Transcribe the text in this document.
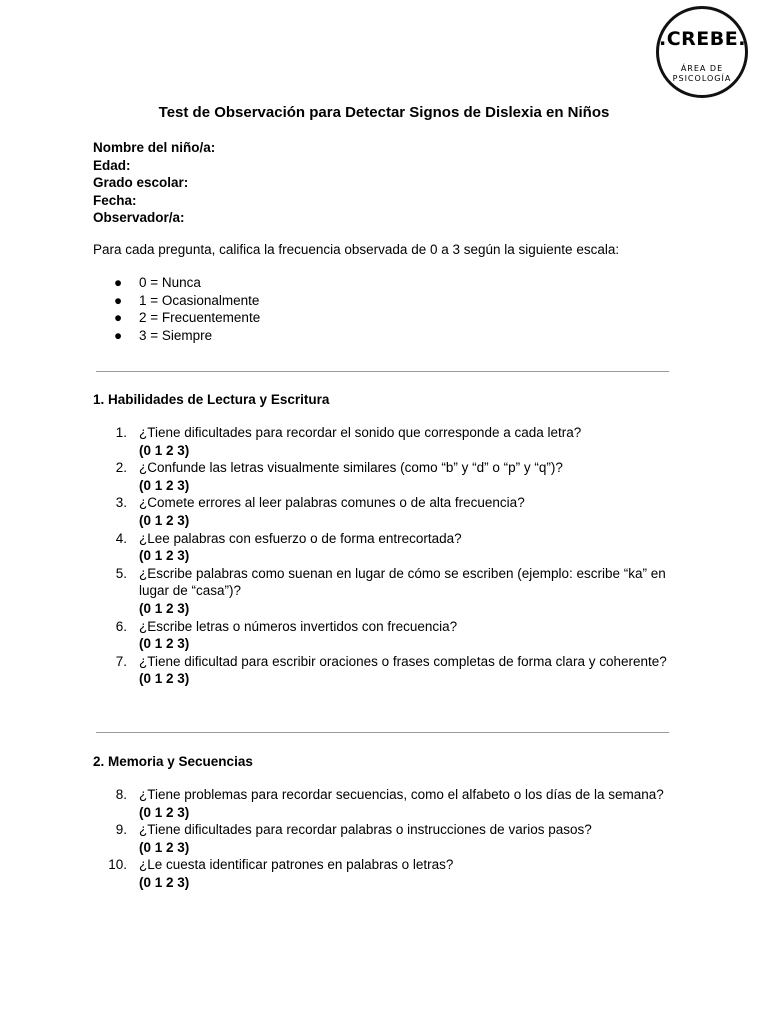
.CREBE.
ÁREA DE
PSICOLOGÍA
Test de Observación para Detectar Signos de Dislexia en Niños
Nombre del niño/a:
Edad:
Grado escolar:
Fecha:
Observador/a:
Para cada pregunta, califica la frecuencia observada de 0 a 3 según la siguiente escala:
● 0 = Nunca
● 1 = Ocasionalmente
● 2 = Frecuentemente
● 3 = Siempre
1. Habilidades de Lectura y Escritura
1. ¿Tiene dificultades para recordar el sonido que corresponde a cada letra?
(0 1 2 3)
2. ¿Confunde las letras visualmente similares (como “b” y “d” o “p” y “q”)?
(0 1 2 3)
3. ¿Comete errores al leer palabras comunes o de alta frecuencia?
(0 1 2 3)
4. ¿Lee palabras con esfuerzo o de forma entrecortada?
(0 1 2 3)
5. ¿Escribe palabras como suenan en lugar de cómo se escriben (ejemplo: escribe “ka” en lugar de “casa”)?
(0 1 2 3)
6. ¿Escribe letras o números invertidos con frecuencia?
(0 1 2 3)
7. ¿Tiene dificultad para escribir oraciones o frases completas de forma clara y coherente?
(0 1 2 3)
2. Memoria y Secuencias
8. ¿Tiene problemas para recordar secuencias, como el alfabeto o los días de la semana?
(0 1 2 3)
9. ¿Tiene dificultades para recordar palabras o instrucciones de varios pasos?
(0 1 2 3)
10. ¿Le cuesta identificar patrones en palabras o letras?
(0 1 2 3)
